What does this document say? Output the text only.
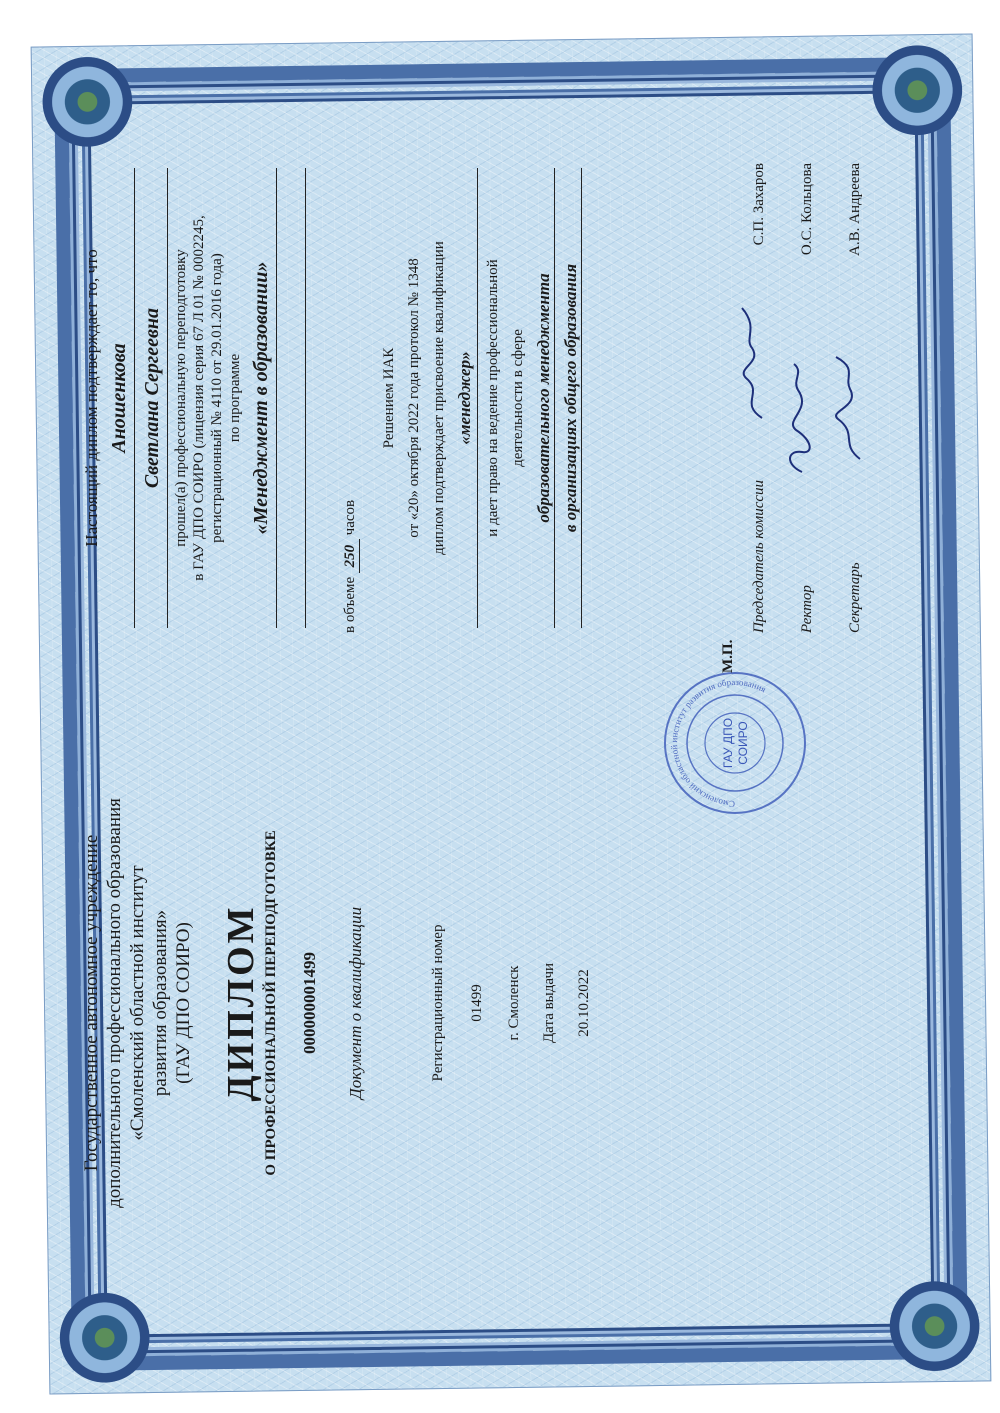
Государственное автономное учреждение дополнительного профессионального образования «Смоленский областной институт развития образования» (ГАУ ДПО СОИРО) ДИПЛОМ О ПРОФЕССИОНАЛЬНОЙ ПЕРЕПОДГОТОВКЕ 000000001499 Документ о квалификации	Регистрационный номер 01499 г. Смоленск Дата выдачи 20.10.2022
Смоленский областной институт развития образования
ГАУ ДПО СОИРО
Настоящий диплом подтверждает то, что Аношенкова Светлана Сергеевна прошел(а) профессиональную переподготовку в ГАУ ДПО СОИРО (лицензия серия 67 Л 01 № 0002245, регистрационный № 4110 от 29.01.2016 года) по программе «Менеджмент в образовании»
в объеме 250 часов
Решением ИАК от «20» октября 2022 года протокол № 1348 диплом подтверждает присвоение квалификации «менеджер» и дает право на ведение профессиональной деятельности в сфере образовательного менеджмента в организациях общего образования
М.П.
Председатель комиссии
С.П. Захаров
Ректор
О.С. Кольцова
Секретарь
А.В. Андреева
